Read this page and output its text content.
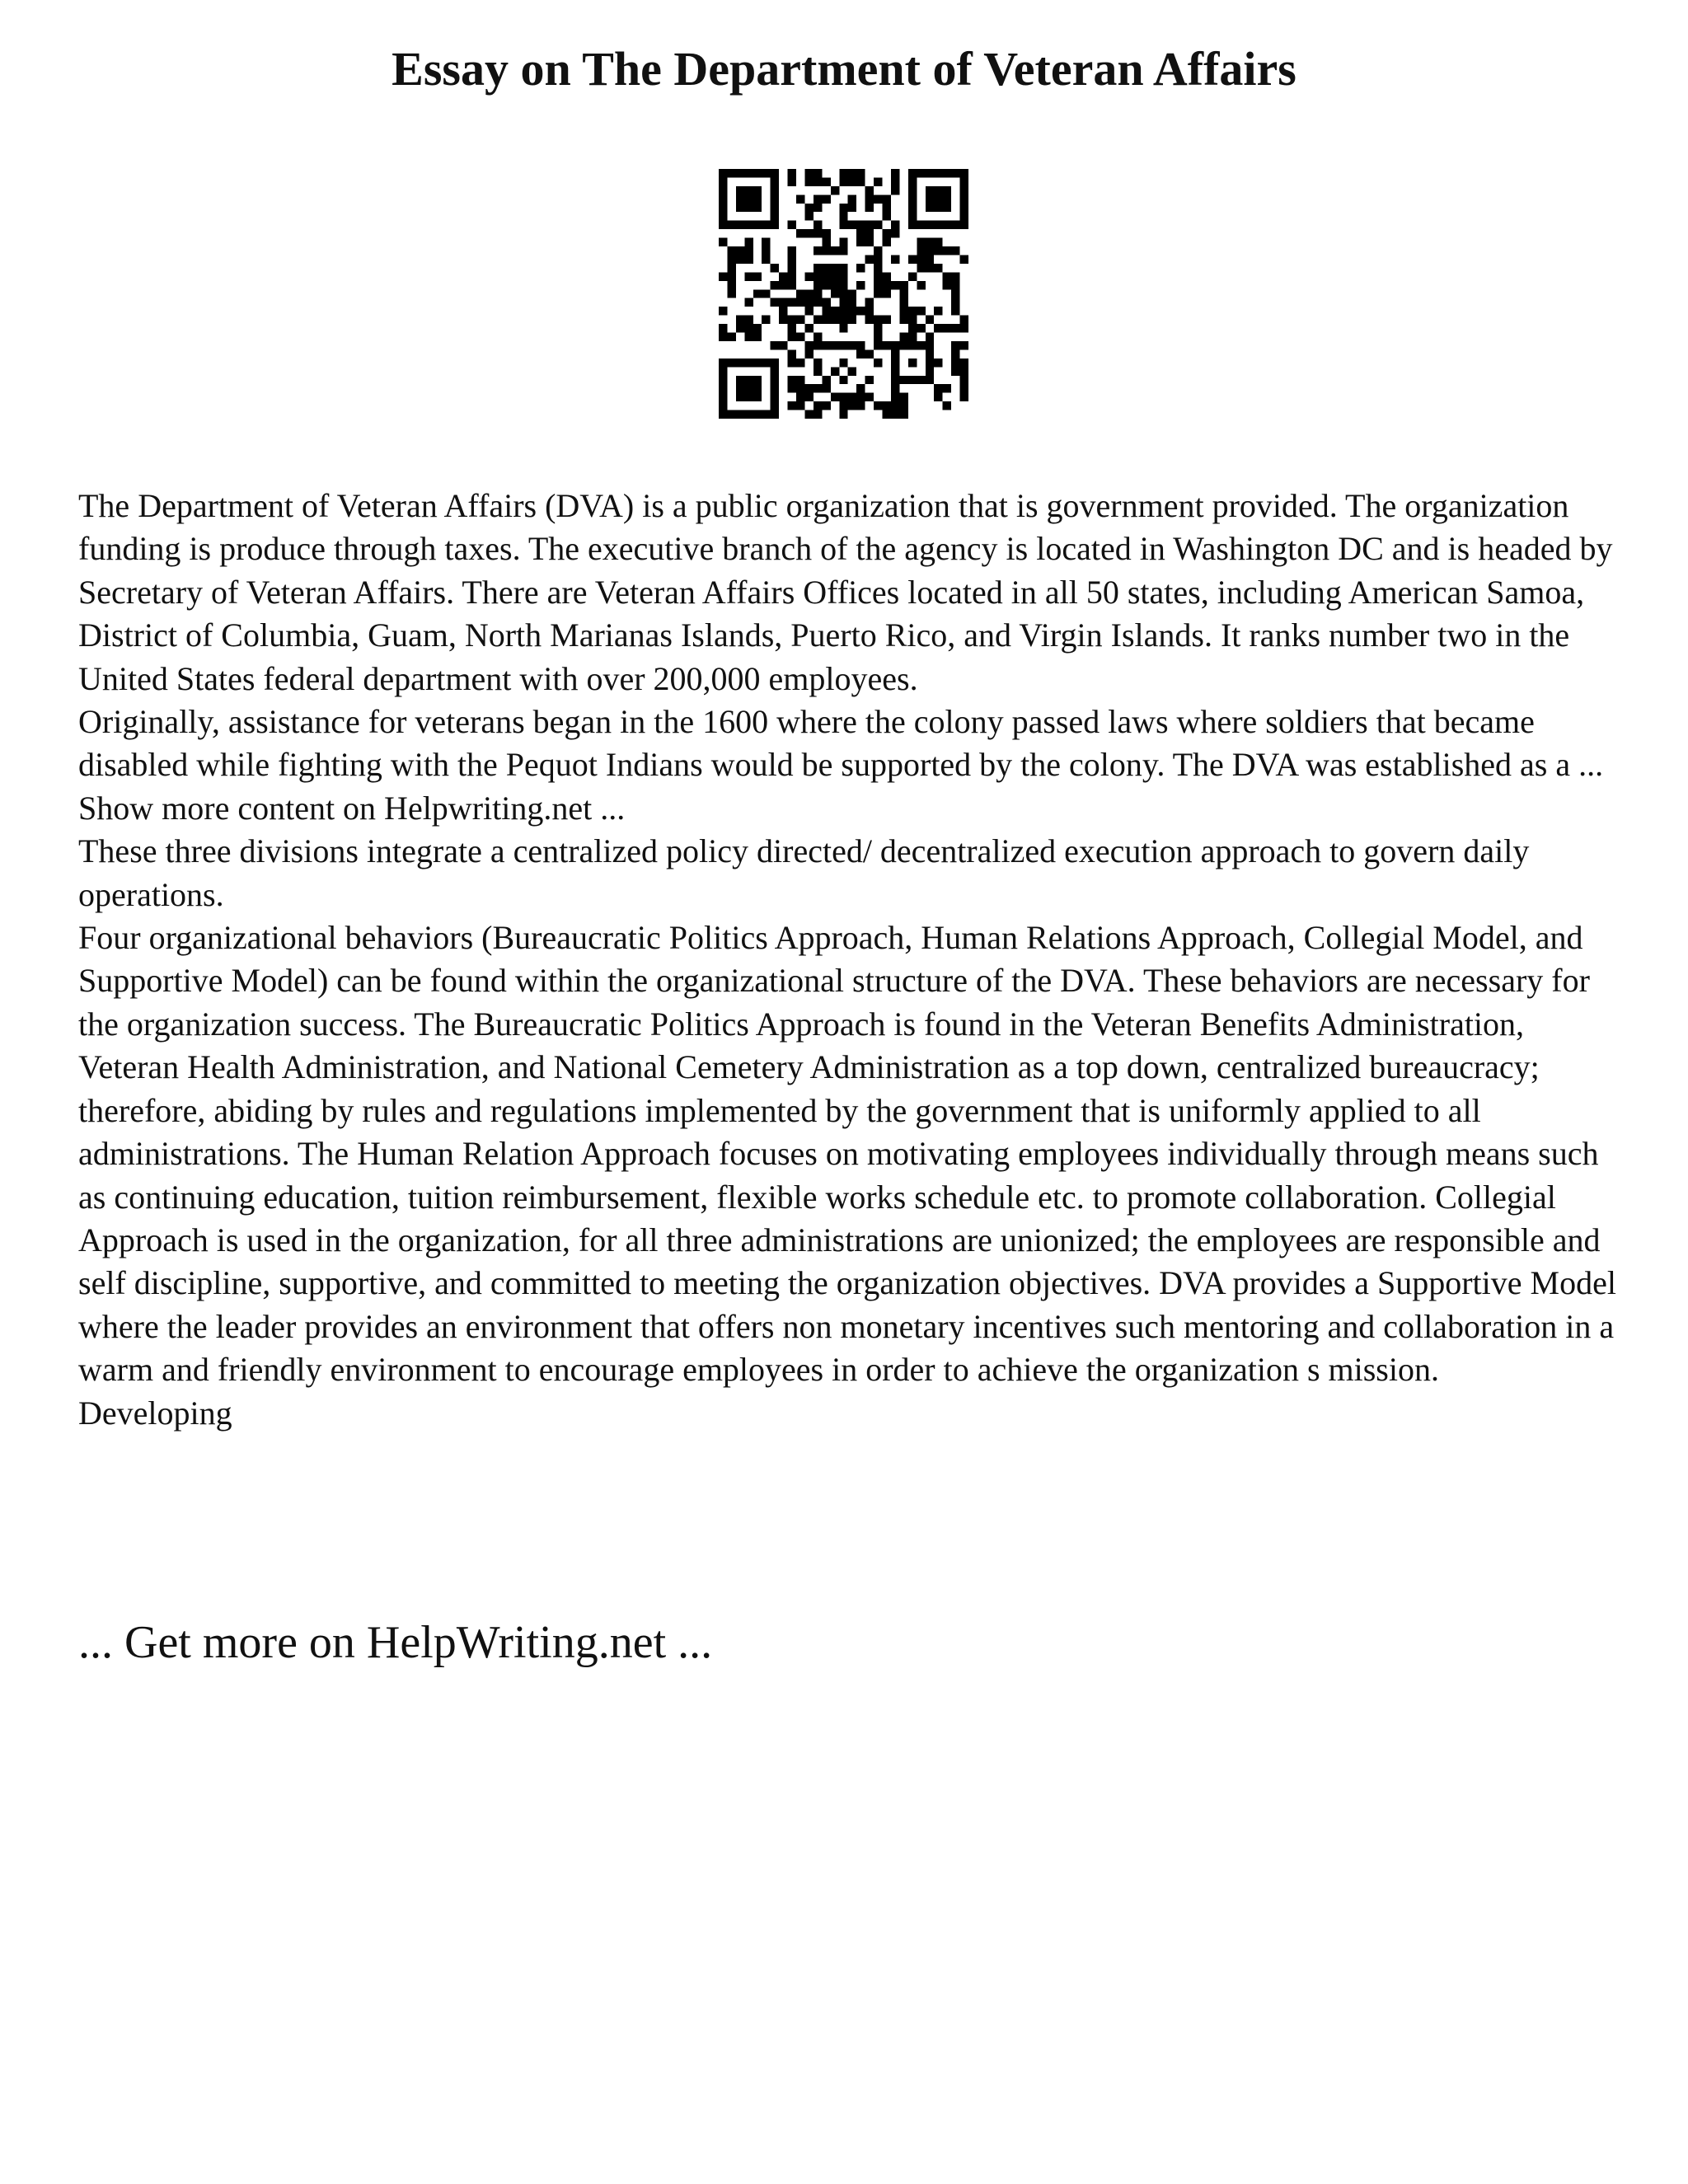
Essay on The Department of Veteran Affairs

The Department of Veteran Affairs (DVA) is a public organization that is government provided. The organization funding is produce through taxes. The executive branch of the agency is located in Washington DC and is headed by Secretary of Veteran Affairs. There are Veteran Affairs Offices located in all 50 states, including American Samoa, District of Columbia, Guam, North Marianas Islands, Puerto Rico, and Virgin Islands. It ranks number two in the United States federal department with over 200,000 employees.

Originally, assistance for veterans began in the 1600 where the colony passed laws where soldiers that became disabled while fighting with the Pequot Indians would be supported by the colony. The DVA was established as a ... Show more content on Helpwriting.net ...

These three divisions integrate a centralized policy directed/ decentralized execution approach to govern daily operations.

Four organizational behaviors (Bureaucratic Politics Approach, Human Relations Approach, Collegial Model, and Supportive Model) can be found within the organizational structure of the DVA. These behaviors are necessary for the organization success. The Bureaucratic Politics Approach is found in the Veteran Benefits Administration, Veteran Health Administration, and National Cemetery Administration as a top down, centralized bureaucracy; therefore, abiding by rules and regulations implemented by the government that is uniformly applied to all administrations. The Human Relation Approach focuses on motivating employees individually through means such as continuing education, tuition reimbursement, flexible works schedule etc. to promote collaboration. Collegial Approach is used in the organization, for all three administrations are unionized; the employees are responsible and self discipline, supportive, and committed to meeting the organization objectives. DVA provides a Supportive Model where the leader provides an environment that offers non monetary incentives such mentoring and collaboration in a warm and friendly environment to encourage employees in order to achieve the organization s mission.

Developing

... Get more on HelpWriting.net ...
